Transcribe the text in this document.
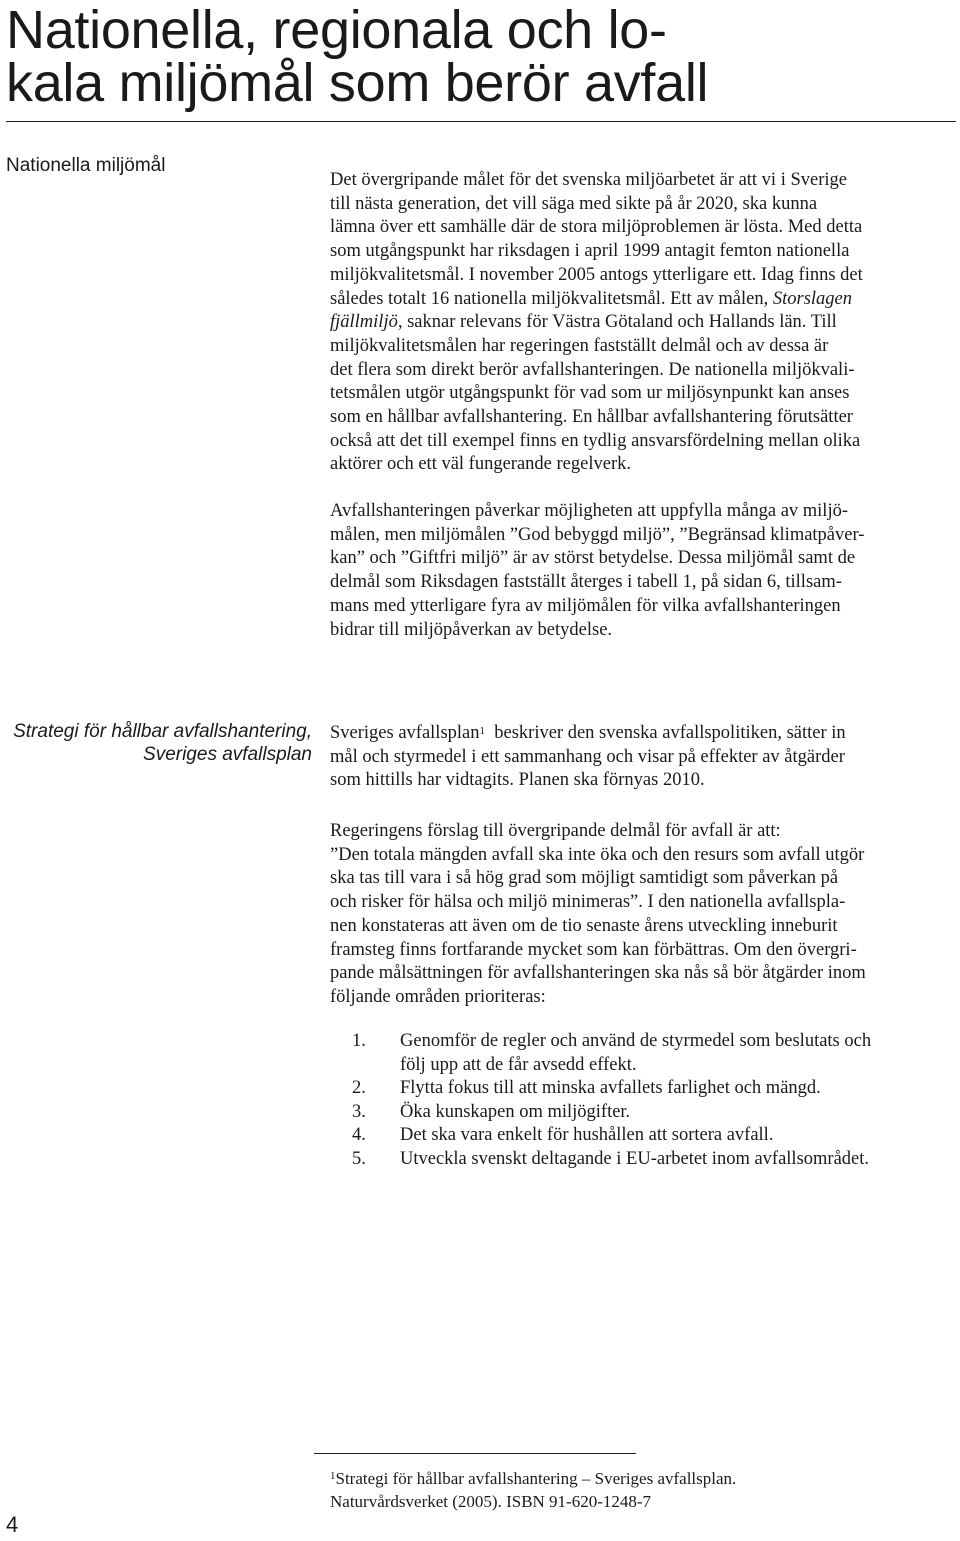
Nationella, regionala och lo-
kala miljömål som berör avfall
Nationella miljömål
Det övergripande målet för det svenska miljöarbetet är att vi i Sverige
till nästa generation, det vill säga med sikte på år 2020, ska kunna
lämna över ett samhälle där de stora miljöproblemen är lösta. Med detta
som utgångspunkt har riksdagen i april 1999 antagit femton nationella
miljökvalitetsmål. I november 2005 antogs ytterligare ett. Idag finns det
således totalt 16 nationella miljökvalitetsmål. Ett av målen, Storslagen
fjällmiljö, saknar relevans för Västra Götaland och Hallands län. Till
miljökvalitetsmålen har regeringen fastställt delmål och av dessa är
det flera som direkt berör avfallshanteringen. De nationella miljökvali-
tetsmålen utgör utgångspunkt för vad som ur miljösynpunkt kan anses
som en hållbar avfallshantering. En hållbar avfallshantering förutsätter
också att det till exempel finns en tydlig ansvarsfördelning mellan olika
aktörer och ett väl fungerande regelverk.
Avfallshanteringen påverkar möjligheten att uppfylla många av miljö-
målen, men miljömålen ”God bebyggd miljö”, ”Begränsad klimatpåver-
kan” och ”Giftfri miljö” är av störst betydelse. Dessa miljömål samt de
delmål som Riksdagen fastställt återges i tabell 1, på sidan 6, tillsam-
mans med ytterligare fyra av miljömålen för vilka avfallshanteringen
bidrar till miljöpåverkan av betydelse.
Strategi för hållbar avfallshantering,
Sveriges avfallsplan
Sveriges avfallsplan$^1$  beskriver den svenska avfallspolitiken, sätter in
mål och styrmedel i ett sammanhang och visar på effekter av åtgärder
som hittills har vidtagits. Planen ska förnyas 2010.
Regeringens förslag till övergripande delmål för avfall är att:
”Den totala mängden avfall ska inte öka och den resurs som avfall utgör
ska tas till vara i så hög grad som möjligt samtidigt som påverkan på
och risker för hälsa och miljö minimeras”. I den nationella avfallspla-
nen konstateras att även om de tio senaste årens utveckling inneburit
framsteg finns fortfarande mycket som kan förbättras. Om den övergri-
pande målsättningen för avfallshanteringen ska nås så bör åtgärder inom
följande områden prioriteras:
1. Genomför de regler och använd de styrmedel som beslutats och
följ upp att de får avsedd effekt.
2. Flytta fokus till att minska avfallets farlighet och mängd.
3. Öka kunskapen om miljögifter.
4. Det ska vara enkelt för hushållen att sortera avfall.
5. Utveckla svenskt deltagande i EU-arbetet inom avfallsområdet.
$^1$Strategi för hållbar avfallshantering – Sveriges avfallsplan.
Naturvårdsverket (2005). ISBN 91-620-1248-7
4
